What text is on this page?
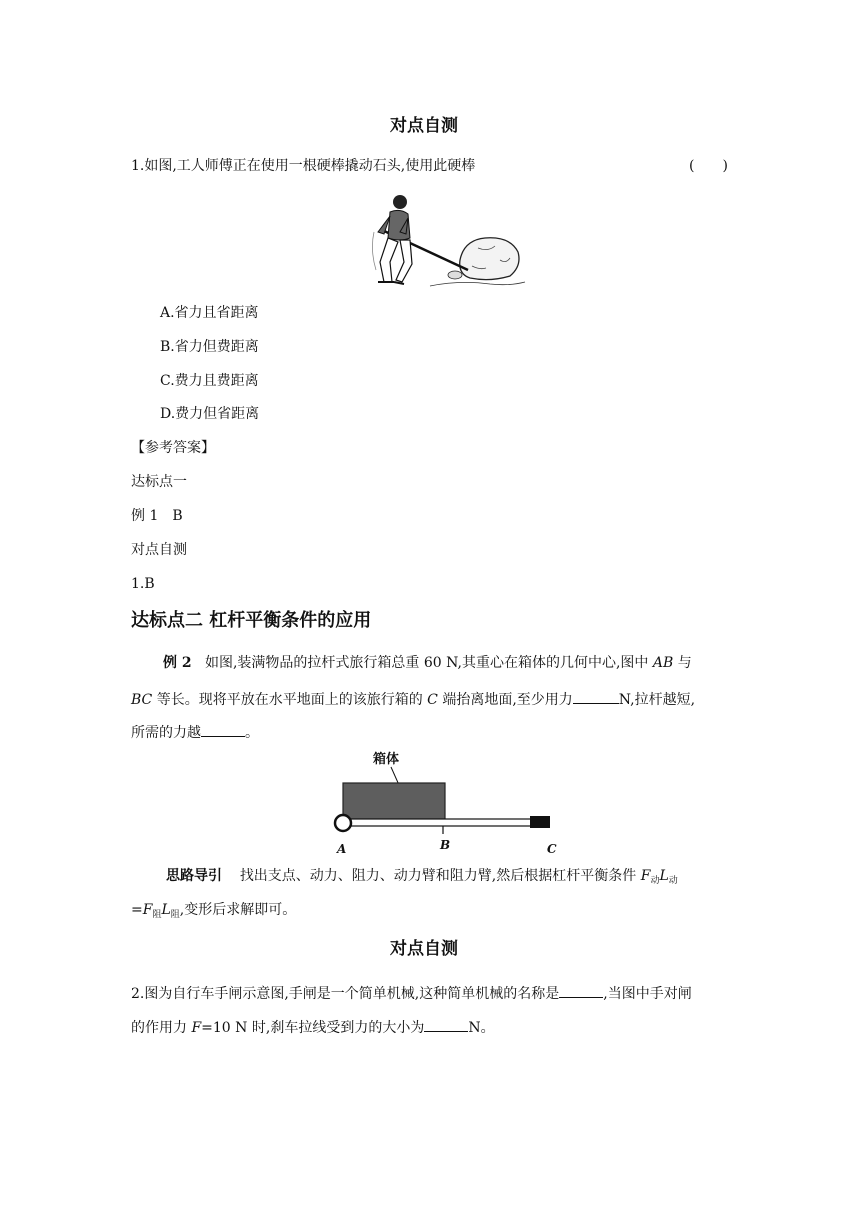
对点自测
1.如图,工人师傅正在使用一根硬棒撬动石头,使用此硬棒	(　　)
A.省力且省距离
B.省力但费距离
C.费力且费距离
D.费力但省距离
【参考答案】
达标点一
例 1　B
对点自测
1.B
达标点二 杠杆平衡条件的应用
例 2 如图,装满物品的拉杆式旅行箱总重 60 N,其重心在箱体的几何中心,图中 AB 与
BC 等长。现将平放在水平地面上的该旅行箱的 C 端抬离地面,至少用力	N,拉杆越短,
所需的力越	。
箱体
A	B	C
思路导引 找出支点、动力、阻力、动力臂和阻力臂,然后根据杠杆平衡条件 $F_动L_动$
$=F_阻L_阻$,变形后求解即可。
对点自测
2.图为自行车手闸示意图,手闸是一个简单机械,这种简单机械的名称是	,当图中手对闸
的作用力 F=10 N 时,刹车拉线受到力的大小为	N。
